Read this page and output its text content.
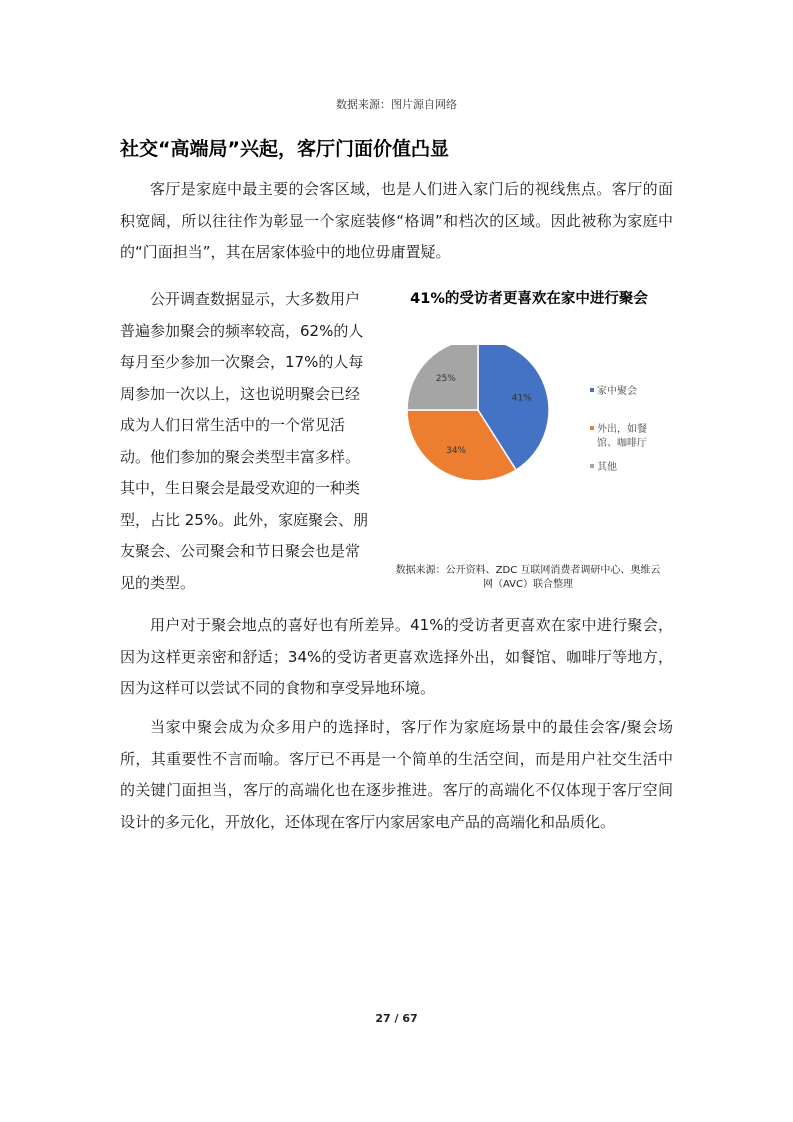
数据来源：图片源自网络
社交“高端局”兴起，客厅门面价值凸显

客厅是家庭中最主要的会客区域，也是人们进入家门后的视线焦点。客厅的面积宽阔，所以往往作为彰显一个家庭装修“格调”和档次的区域。因此被称为家庭中的“门面担当”，其在居家体验中的地位毋庸置疑。

公开调查数据显示，大多数用户普遍参加聚会的频率较高，62%的人每月至少参加一次聚会，17%的人每周参加一次以上，这也说明聚会已经成为人们日常生活中的一个常见活动。他们参加的聚会类型丰富多样。其中，生日聚会是最受欢迎的一种类型，占比 25%。此外，家庭聚会、朋友聚会、公司聚会和节日聚会也是常见的类型。

41%的受访者更喜欢在家中进行聚会
41%
34%
25%
家中聚会
外出，如餐
馆、咖啡厅
其他
数据来源：公开资料、ZDC 互联网消费者调研中心、奥维云
网（AVC）联合整理

用户对于聚会地点的喜好也有所差异。41%的受访者更喜欢在家中进行聚会，因为这样更亲密和舒适；34%的受访者更喜欢选择外出，如餐馆、咖啡厅等地方，因为这样可以尝试不同的食物和享受异地环境。

当家中聚会成为众多用户的选择时，客厅作为家庭场景中的最佳会客/聚会场所，其重要性不言而喻。客厅已不再是一个简单的生活空间，而是用户社交生活中的关键门面担当，客厅的高端化也在逐步推进。客厅的高端化不仅体现于客厅空间设计的多元化，开放化，还体现在客厅内家居家电产品的高端化和品质化。

27 / 67
